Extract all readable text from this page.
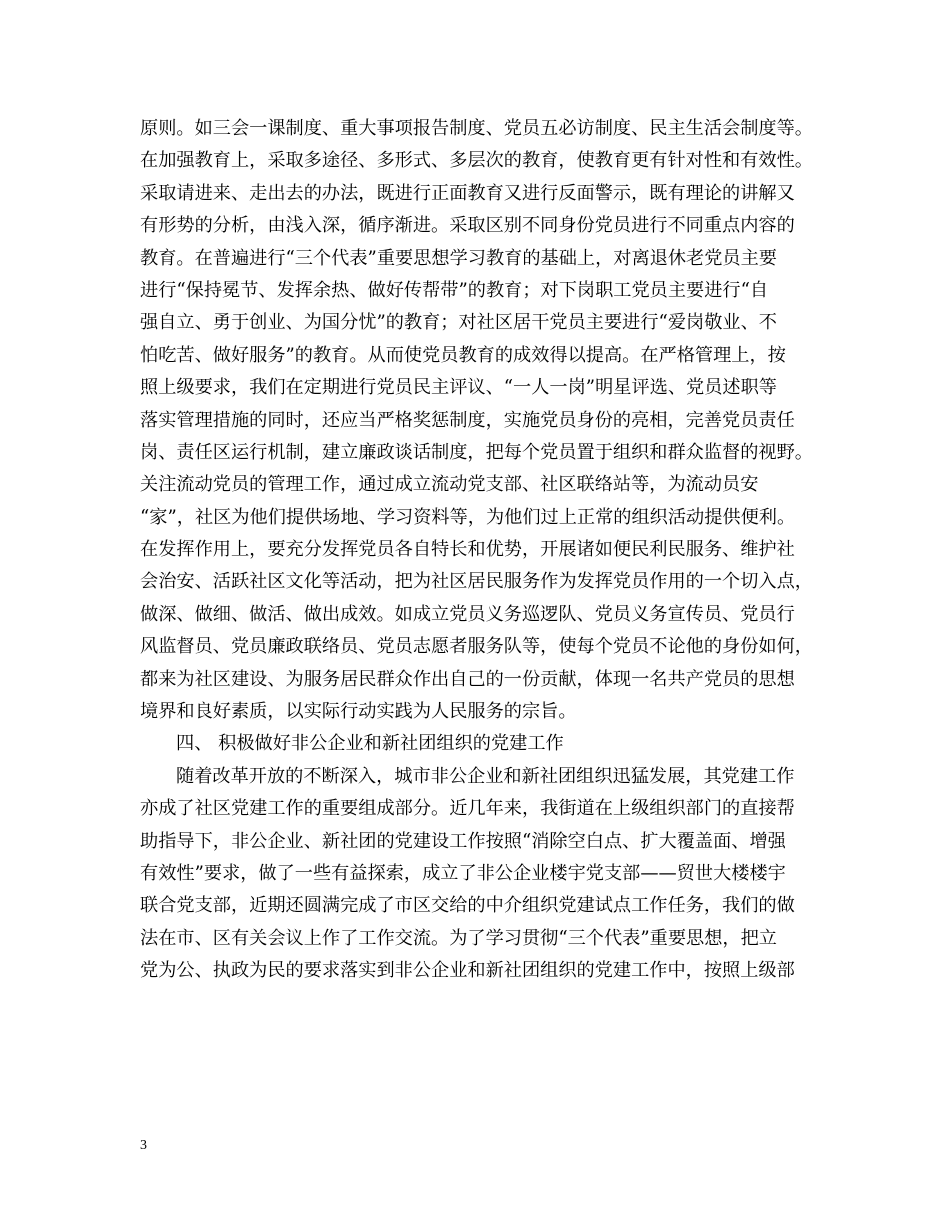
原则。如三会一课制度、重大事项报告制度、党员五必访制度、民主生活会制度等。
在加强教育上，采取多途径、多形式、多层次的教育，使教育更有针对性和有效性。
采取请进来、走出去的办法，既进行正面教育又进行反面警示，既有理论的讲解又
有形势的分析，由浅入深，循序渐进。采取区别不同身份党员进行不同重点内容的
教育。在普遍进行“三个代表”重要思想学习教育的基础上，对离退休老党员主要
进行“保持冕节、发挥余热、做好传帮带”的教育；对下岗职工党员主要进行“自
强自立、勇于创业、为国分忧”的教育；对社区居干党员主要进行“爱岗敬业、不
怕吃苦、做好服务”的教育。从而使党员教育的成效得以提高。在严格管理上，按
照上级要求，我们在定期进行党员民主评议、“一人一岗”明星评选、党员述职等
落实管理措施的同时，还应当严格奖惩制度，实施党员身份的亮相，完善党员责任
岗、责任区运行机制，建立廉政谈话制度，把每个党员置于组织和群众监督的视野。
关注流动党员的管理工作，通过成立流动党支部、社区联络站等，为流动员安
“家”，社区为他们提供场地、学习资料等，为他们过上正常的组织活动提供便利。
在发挥作用上，要充分发挥党员各自特长和优势，开展诸如便民利民服务、维护社
会治安、活跃社区文化等活动，把为社区居民服务作为发挥党员作用的一个切入点，
做深、做细、做活、做出成效。如成立党员义务巡逻队、党员义务宣传员、党员行
风监督员、党员廉政联络员、党员志愿者服务队等，使每个党员不论他的身份如何，
都来为社区建设、为服务居民群众作出自己的一份贡献，体现一名共产党员的思想
境界和良好素质，以实际行动实践为人民服务的宗旨。
四、 积极做好非公企业和新社团组织的党建工作
随着改革开放的不断深入，城市非公企业和新社团组织迅猛发展，其党建工作
亦成了社区党建工作的重要组成部分。近几年来，我街道在上级组织部门的直接帮
助指导下，非公企业、新社团的党建设工作按照“消除空白点、扩大覆盖面、增强
有效性”要求，做了一些有益探索，成立了非公企业楼宇党支部——贸世大楼楼宇
联合党支部，近期还圆满完成了市区交给的中介组织党建试点工作任务，我们的做
法在市、区有关会议上作了工作交流。为了学习贯彻“三个代表”重要思想，把立
党为公、执政为民的要求落实到非公企业和新社团组织的党建工作中，按照上级部
3
